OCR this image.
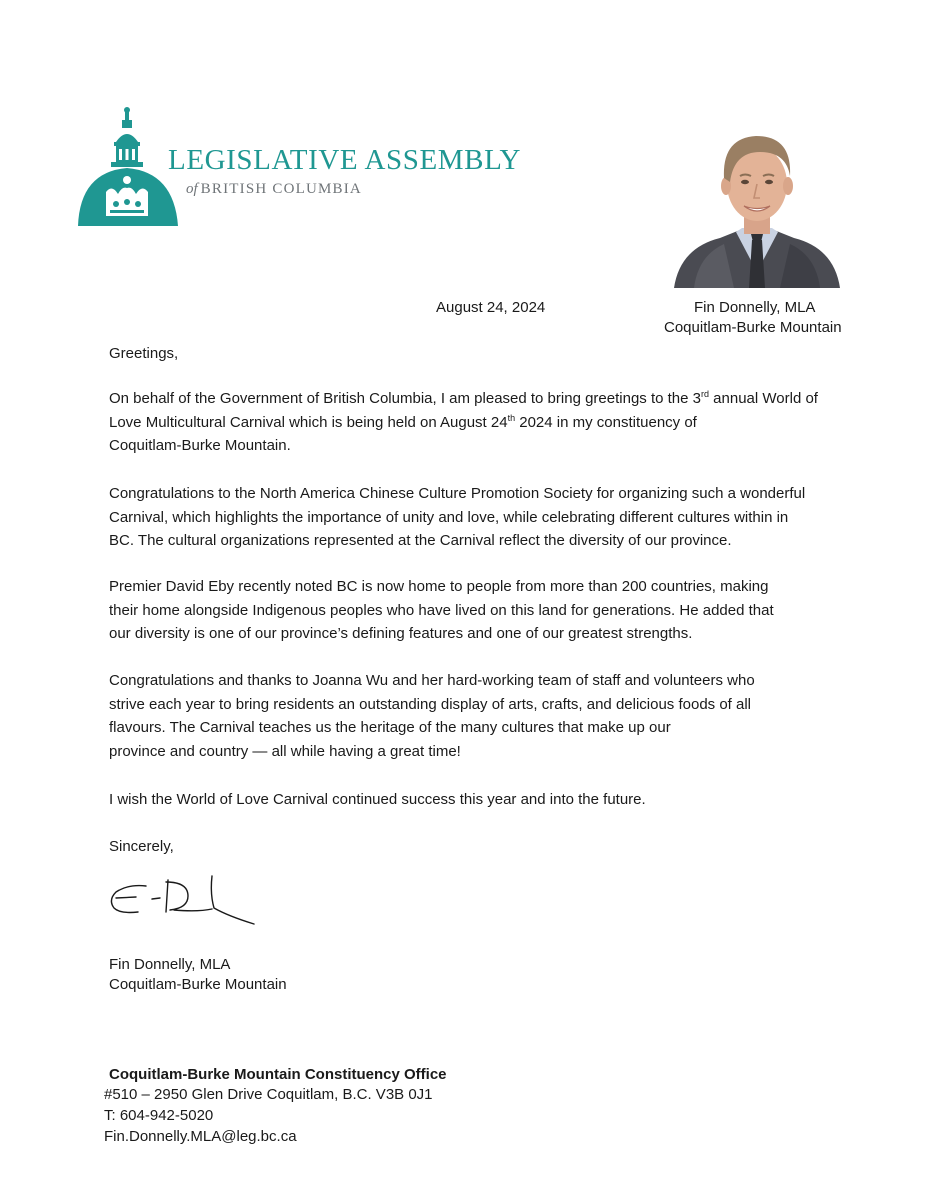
LEGISLATIVE ASSEMBLY
of BRITISH COLUMBIA
August 24, 2024	Fin Donnelly, MLA
Coquitlam-Burke Mountain
Greetings,
On behalf of the Government of British Columbia, I am pleased to bring greetings to the 3rd annual World of
Love Multicultural Carnival which is being held on August 24th 2024 in my constituency of
Coquitlam-Burke Mountain.
Congratulations to the North America Chinese Culture Promotion Society for organizing such a wonderful
Carnival, which highlights the importance of unity and love, while celebrating different cultures within in
BC. The cultural organizations represented at the Carnival reflect the diversity of our province.
Premier David Eby recently noted BC is now home to people from more than 200 countries, making
their home alongside Indigenous peoples who have lived on this land for generations. He added that
our diversity is one of our province’s defining features and one of our greatest strengths.
Congratulations and thanks to Joanna Wu and her hard-working team of staff and volunteers who
strive each year to bring residents an outstanding display of arts, crafts, and delicious foods of all
flavours. The Carnival teaches us the heritage of the many cultures that make up our
province and country — all while having a great time!
I wish the World of Love Carnival continued success this year and into the future.
Sincerely,
Fin Donnelly, MLA
Coquitlam-Burke Mountain
Coquitlam-Burke Mountain Constituency Office
#510 – 2950 Glen Drive Coquitlam, B.C. V3B 0J1
T: 604-942-5020
Fin.Donnelly.MLA@leg.bc.ca
